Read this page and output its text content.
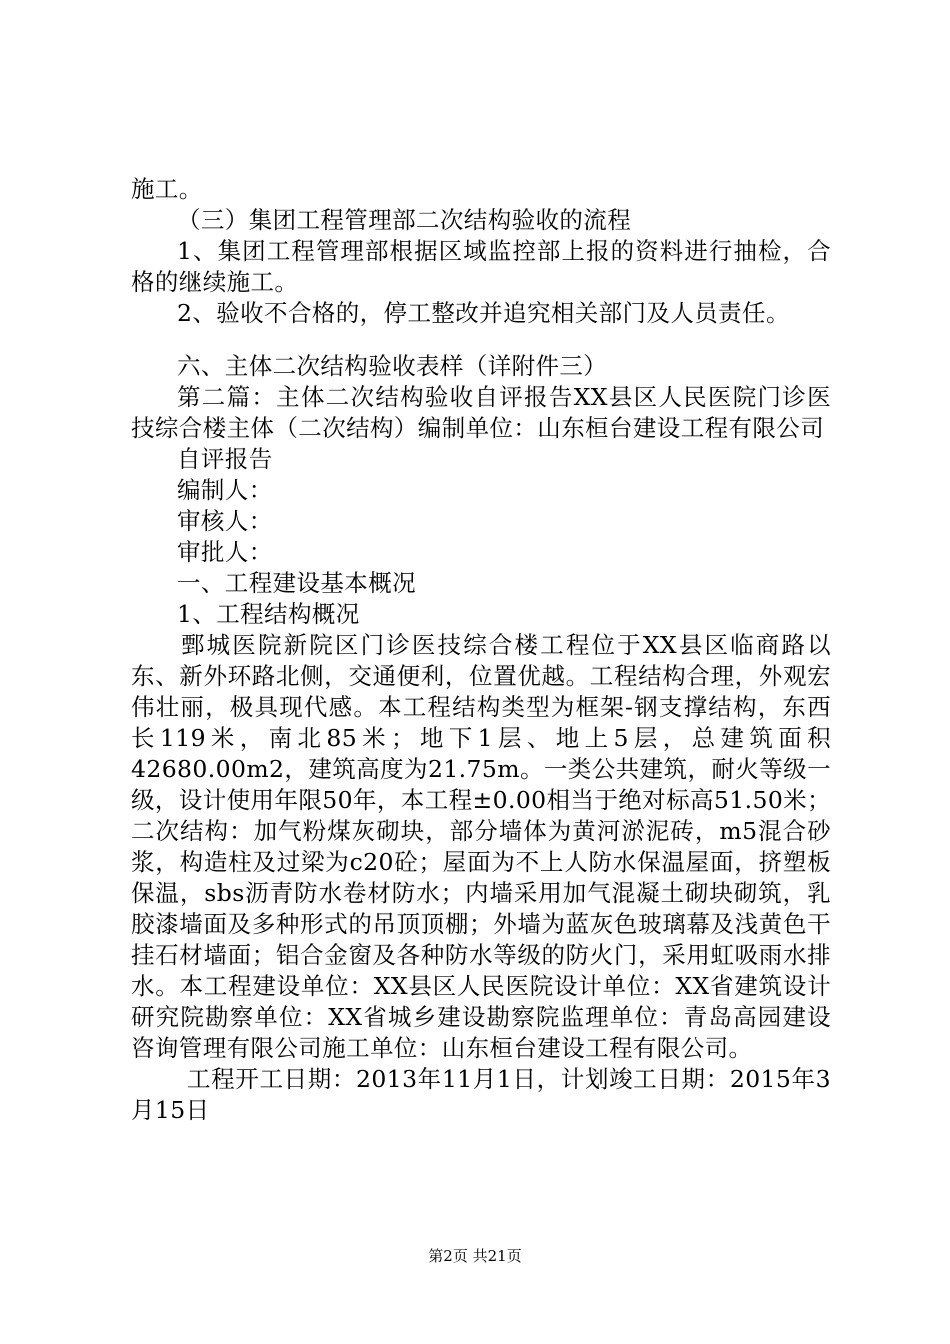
施工。

（三）集团工程管理部二次结构验收的流程

1、集团工程管理部根据区域监控部上报的资料进行抽检，合格的继续施工。

2、验收不合格的，停工整改并追究相关部门及人员责任。

六、主体二次结构验收表样（详附件三）

第二篇：主体二次结构验收自评报告XX县区人民医院门诊医技综合楼主体（二次结构）编制单位：山东桓台建设工程有限公司

自评报告

编制人：

审核人：

审批人：

一、工程建设基本概况

1、工程结构概况

鄄城医院新院区门诊医技综合楼工程位于XX县区临商路以东、新外环路北侧，交通便利，位置优越。工程结构合理，外观宏伟壮丽，极具现代感。本工程结构类型为框架-钢支撑结构，东西长119米，南北85米；地下1层、地上5层，总建筑面积42680.00m2，建筑高度为21.75m。一类公共建筑，耐火等级一级，设计使用年限50年，本工程±0.00相当于绝对标高51.50米；二次结构：加气粉煤灰砌块，部分墙体为黄河淤泥砖，m5混合砂浆，构造柱及过梁为c20砼；屋面为不上人防水保温屋面，挤塑板保温，sbs沥青防水卷材防水；内墙采用加气混凝土砌块砌筑，乳胶漆墙面及多种形式的吊顶顶棚；外墙为蓝灰色玻璃幕及浅黄色干挂石材墙面；铝合金窗及各种防水等级的防火门，采用虹吸雨水排水。本工程建设单位：XX县区人民医院设计单位：XX省建筑设计研究院勘察单位：XX省城乡建设勘察院监理单位：青岛高园建设咨询管理有限公司施工单位：山东桓台建设工程有限公司。

工程开工日期：2013年11月1日，计划竣工日期：2015年3月15日

第2页 共21页
